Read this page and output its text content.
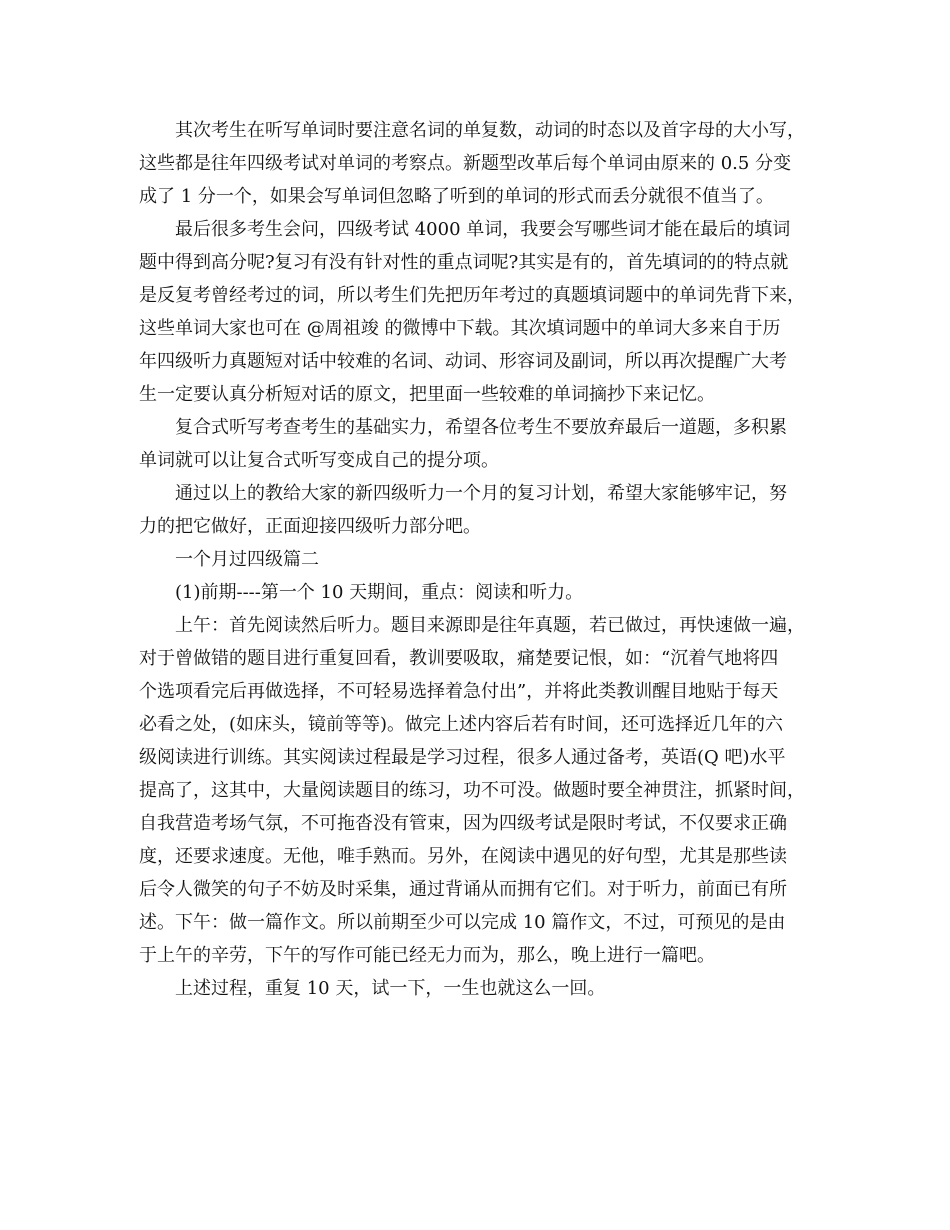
其次考生在听写单词时要注意名词的单复数，动词的时态以及首字母的大小写，
这些都是往年四级考试对单词的考察点。新题型改革后每个单词由原来的 0.5 分变
成了 1 分一个，如果会写单词但忽略了听到的单词的形式而丢分就很不值当了。
最后很多考生会问，四级考试 4000 单词，我要会写哪些词才能在最后的填词
题中得到高分呢?复习有没有针对性的重点词呢?其实是有的，首先填词的的特点就
是反复考曾经考过的词，所以考生们先把历年考过的真题填词题中的单词先背下来，
这些单词大家也可在 @周祖竣 的微博中下载。其次填词题中的单词大多来自于历
年四级听力真题短对话中较难的名词、动词、形容词及副词，所以再次提醒广大考
生一定要认真分析短对话的原文，把里面一些较难的单词摘抄下来记忆。
复合式听写考查考生的基础实力，希望各位考生不要放弃最后一道题，多积累
单词就可以让复合式听写变成自己的提分项。
通过以上的教给大家的新四级听力一个月的复习计划，希望大家能够牢记，努
力的把它做好，正面迎接四级听力部分吧。
一个月过四级篇二
(1)前期----第一个 10 天期间，重点：阅读和听力。
上午：首先阅读然后听力。题目来源即是往年真题，若已做过，再快速做一遍，
对于曾做错的题目进行重复回看，教训要吸取，痛楚要记恨，如：“沉着气地将四
个选项看完后再做选择，不可轻易选择着急付出”，并将此类教训醒目地贴于每天
必看之处，(如床头，镜前等等)。做完上述内容后若有时间，还可选择近几年的六
级阅读进行训练。其实阅读过程最是学习过程，很多人通过备考，英语(Q 吧)水平
提高了，这其中，大量阅读题目的练习，功不可没。做题时要全神贯注，抓紧时间，
自我营造考场气氛，不可拖沓没有管束，因为四级考试是限时考试，不仅要求正确
度，还要求速度。无他，唯手熟而。另外，在阅读中遇见的好句型，尤其是那些读
后令人微笑的句子不妨及时采集，通过背诵从而拥有它们。对于听力，前面已有所
述。下午：做一篇作文。所以前期至少可以完成 10 篇作文，不过，可预见的是由
于上午的辛劳，下午的写作可能已经无力而为，那么，晚上进行一篇吧。
上述过程，重复 10 天，试一下，一生也就这么一回。
